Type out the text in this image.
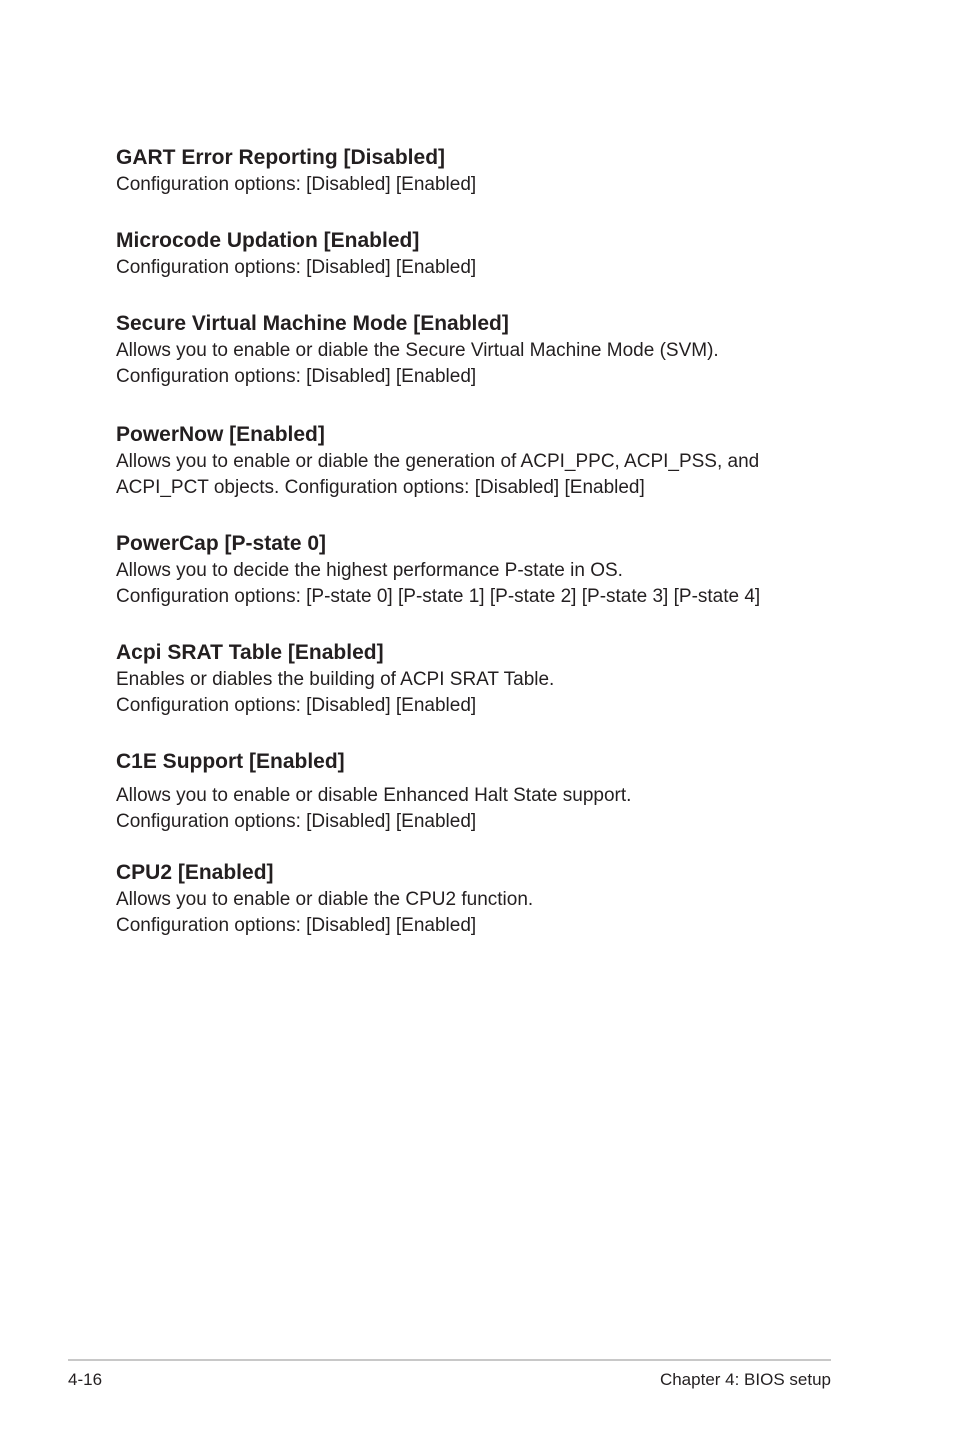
GART Error Reporting [Disabled]

Configuration options: [Disabled] [Enabled]

Microcode Updation [Enabled]

Configuration options: [Disabled] [Enabled]

Secure Virtual Machine Mode [Enabled]

Allows you to enable or diable the Secure Virtual Machine Mode (SVM).

Configuration options: [Disabled] [Enabled]

PowerNow [Enabled]

Allows you to enable or diable the generation of ACPI_PPC, ACPI_PSS, and

ACPI_PCT objects. Configuration options: [Disabled] [Enabled]

PowerCap [P-state 0]

Allows you to decide the highest performance P-state in OS.

Configuration options: [P-state 0] [P-state 1] [P-state 2] [P-state 3] [P-state 4]

Acpi SRAT Table [Enabled]

Enables or diables the building of ACPI SRAT Table.

Configuration options: [Disabled] [Enabled]

C1E Support [Enabled]

Allows you to enable or disable Enhanced Halt State support.

Configuration options: [Disabled] [Enabled]

CPU2 [Enabled]

Allows you to enable or diable the CPU2 function.

Configuration options: [Disabled] [Enabled]

4-16	Chapter 4: BIOS setup
